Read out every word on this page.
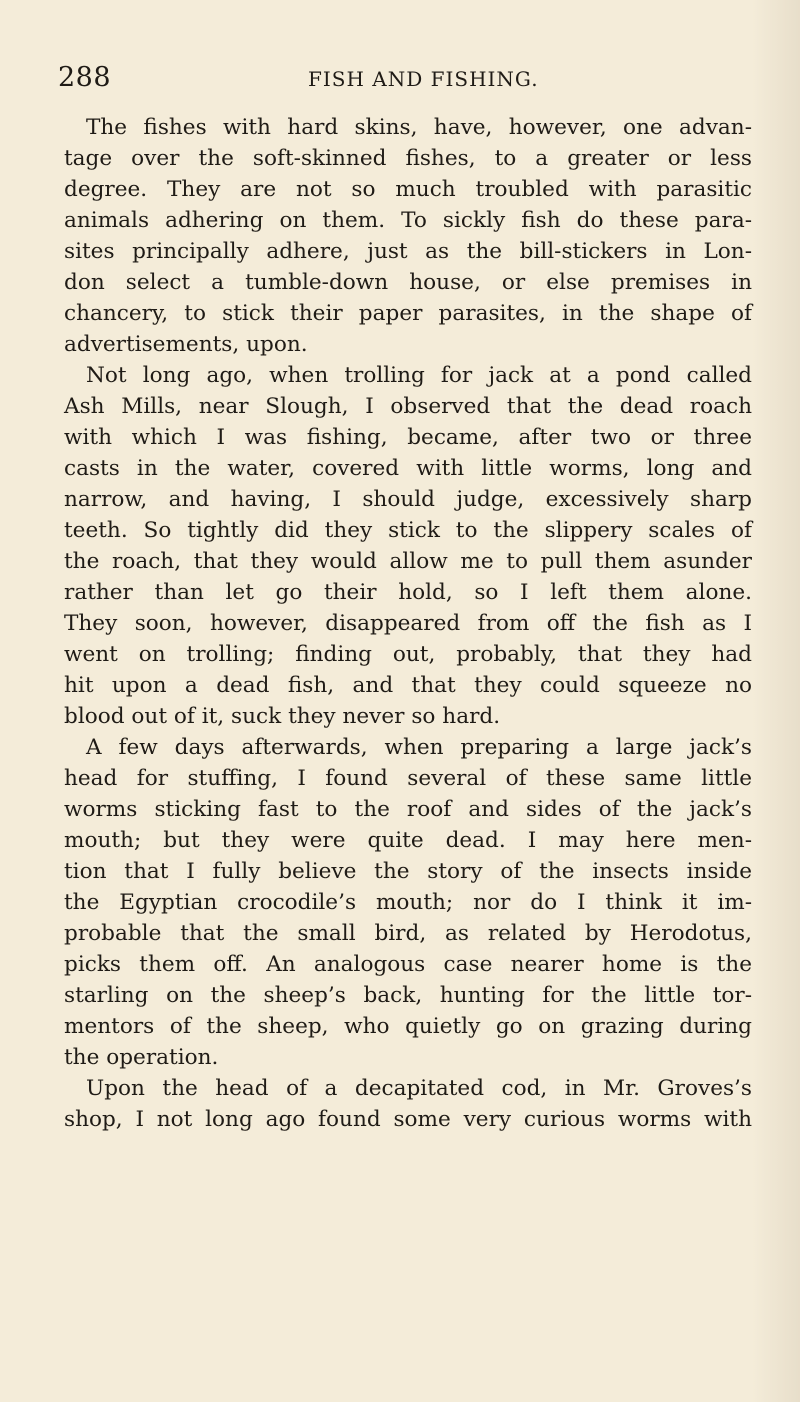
288	FISH AND FISHING.
The fishes with hard skins, have, however, one advan-
tage over the soft-skinned fishes, to a greater or less
degree. They are not so much troubled with parasitic
animals adhering on them. To sickly fish do these para-
sites principally adhere, just as the bill-stickers in Lon-
don select a tumble-down house, or else premises in
chancery, to stick their paper parasites, in the shape of
advertisements, upon.
Not long ago, when trolling for jack at a pond called
Ash Mills, near Slough, I observed that the dead roach
with which I was fishing, became, after two or three
casts in the water, covered with little worms, long and
narrow, and having, I should judge, excessively sharp
teeth. So tightly did they stick to the slippery scales of
the roach, that they would allow me to pull them asunder
rather than let go their hold, so I left them alone.
They soon, however, disappeared from off the fish as I
went on trolling; finding out, probably, that they had
hit upon a dead fish, and that they could squeeze no
blood out of it, suck they never so hard.
A few days afterwards, when preparing a large jack’s
head for stuffing, I found several of these same little
worms sticking fast to the roof and sides of the jack’s
mouth; but they were quite dead. I may here men-
tion that I fully believe the story of the insects inside
the Egyptian crocodile’s mouth; nor do I think it im-
probable that the small bird, as related by Herodotus,
picks them off. An analogous case nearer home is the
starling on the sheep’s back, hunting for the little tor-
mentors of the sheep, who quietly go on grazing during
the operation.
Upon the head of a decapitated cod, in Mr. Groves’s
shop, I not long ago found some very curious worms with
